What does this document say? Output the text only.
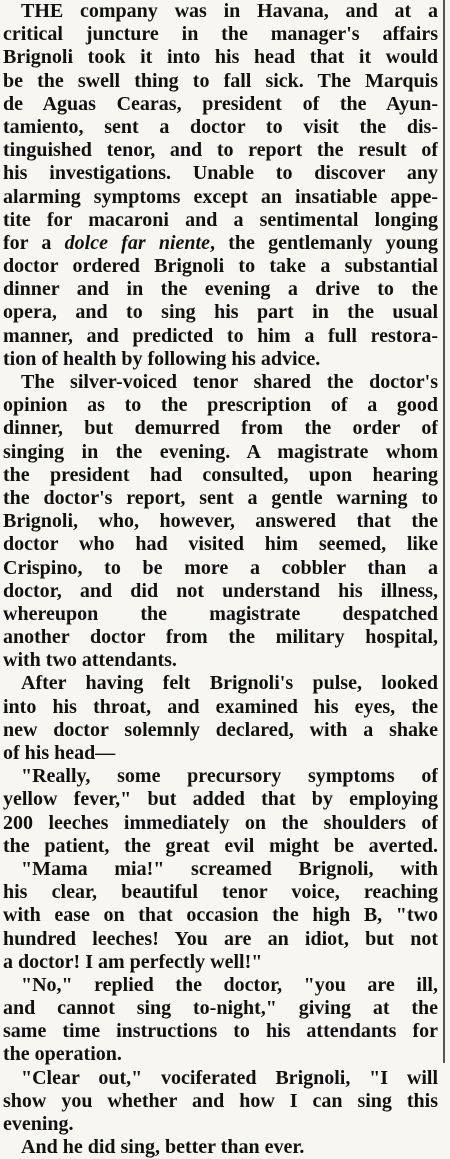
THE company was in Havana, and at a
critical juncture in the manager's affairs
Brignoli took it into his head that it would
be the swell thing to fall sick. The Marquis
de Aguas Cearas, president of the Ayun-
tamiento, sent a doctor to visit the dis-
tinguished tenor, and to report the result of
his investigations. Unable to discover any
alarming symptoms except an insatiable appe-
tite for macaroni and a sentimental longing
for a dolce far niente, the gentlemanly young
doctor ordered Brignoli to take a substantial
dinner and in the evening a drive to the
opera, and to sing his part in the usual
manner, and predicted to him a full restora-
tion of health by following his advice.
The silver-voiced tenor shared the doctor's
opinion as to the prescription of a good
dinner, but demurred from the order of
singing in the evening. A magistrate whom
the president had consulted, upon hearing
the doctor's report, sent a gentle warning to
Brignoli, who, however, answered that the
doctor who had visited him seemed, like
Crispino, to be more a cobbler than a
doctor, and did not understand his illness,
whereupon the magistrate despatched
another doctor from the military hospital,
with two attendants.
After having felt Brignoli's pulse, looked
into his throat, and examined his eyes, the
new doctor solemnly declared, with a shake
of his head—
"Really, some precursory symptoms of
yellow fever," but added that by employing
200 leeches immediately on the shoulders of
the patient, the great evil might be averted.
"Mama mia!" screamed Brignoli, with
his clear, beautiful tenor voice, reaching
with ease on that occasion the high B, "two
hundred leeches! You are an idiot, but not
a doctor! I am perfectly well!"
"No," replied the doctor, "you are ill,
and cannot sing to-night," giving at the
same time instructions to his attendants for
the operation.
"Clear out," vociferated Brignoli, "I will
show you whether and how I can sing this
evening.
And he did sing, better than ever.
